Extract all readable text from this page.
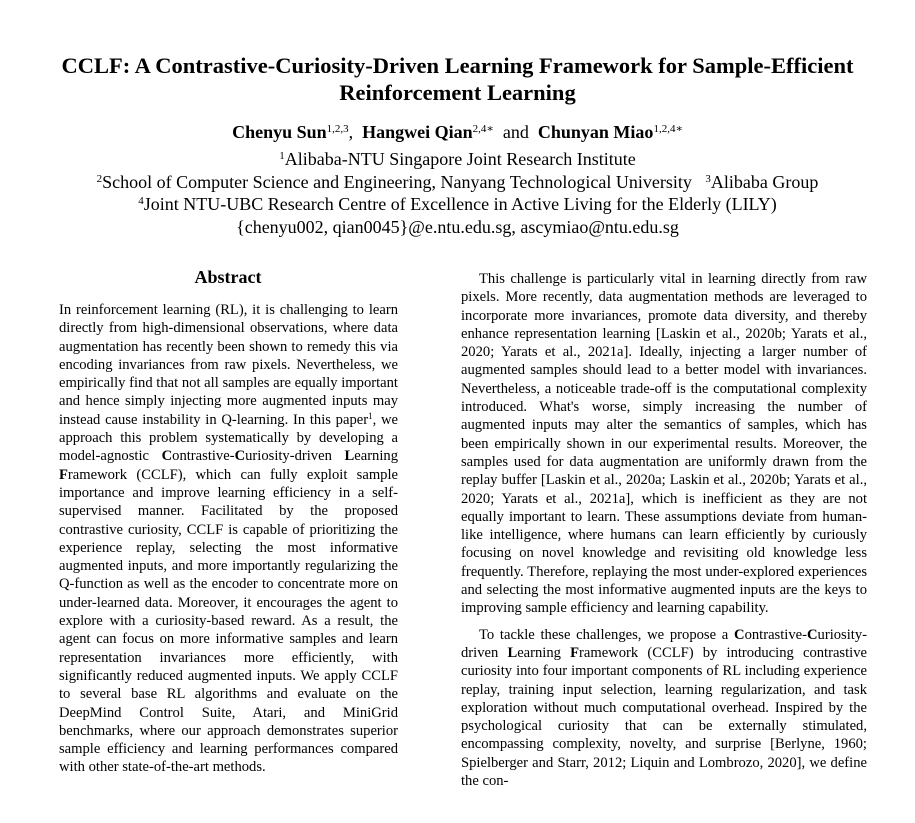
CCLF: A Contrastive-Curiosity-Driven Learning Framework for Sample-Efficient
Reinforcement Learning
Chenyu Sun$^{1,2,3}$, Hangwei Qian$^{2,4∗}$ and Chunyan Miao$^{1,2,4∗}$
$^1$Alibaba-NTU Singapore Joint Research Institute
$^2$School of Computer Science and Engineering, Nanyang Technological University $^3$Alibaba Group
$^4$Joint NTU-UBC Research Centre of Excellence in Active Living for the Elderly (LILY)
{chenyu002, qian0045}@e.ntu.edu.sg, ascymiao@ntu.edu.sg
Abstract

In reinforcement learning (RL), it is challenging to learn directly from high-dimensional observations, where data augmentation has recently been shown to remedy this via encoding invariances from raw pixels. Nevertheless, we empirically find that not all samples are equally important and hence simply injecting more augmented inputs may instead cause instability in Q-learning. In this paper$^1$, we approach this problem systematically by developing a model-agnostic Contrastive-Curiosity-driven Learning Framework (CCLF), which can fully exploit sample importance and improve learning efficiency in a self-supervised manner. Facilitated by the proposed contrastive curiosity, CCLF is capable of prioritizing the experience replay, selecting the most informative augmented inputs, and more importantly regularizing the Q-function as well as the encoder to concentrate more on under-learned data. Moreover, it encourages the agent to explore with a curiosity-based reward. As a result, the agent can focus on more informative samples and learn representation invariances more efficiently, with significantly reduced augmented inputs. We apply CCLF to several base RL algorithms and evaluate on the DeepMind Control Suite, Atari, and MiniGrid benchmarks, where our approach demonstrates superior sample efficiency and learning performances compared with other state-of-the-art methods.

This challenge is particularly vital in learning directly from raw pixels. More recently, data augmentation methods are leveraged to incorporate more invariances, promote data diversity, and thereby enhance representation learning [Laskin et al., 2020b; Yarats et al., 2020; Yarats et al., 2021a]. Ideally, injecting a larger number of augmented samples should lead to a better model with invariances. Nevertheless, a noticeable trade-off is the computational complexity introduced. What's worse, simply increasing the number of augmented inputs may alter the semantics of samples, which has been empirically shown in our experimental results. Moreover, the samples used for data augmentation are uniformly drawn from the replay buffer [Laskin et al., 2020a; Laskin et al., 2020b; Yarats et al., 2020; Yarats et al., 2021a], which is inefficient as they are not equally important to learn. These assumptions deviate from human-like intelligence, where humans can learn efficiently by curiously focusing on novel knowledge and revisiting old knowledge less frequently. Therefore, replaying the most under-explored experiences and selecting the most informative augmented inputs are the keys to improving sample efficiency and learning capability.

To tackle these challenges, we propose a Contrastive-Curiosity-driven Learning Framework (CCLF) by introducing contrastive curiosity into four important components of RL including experience replay, training input selection, learning regularization, and task exploration without much computational overhead. Inspired by the psychological curiosity that can be externally stimulated, encompassing complexity, novelty, and surprise [Berlyne, 1960; Spielberger and Starr, 2012; Liquin and Lombrozo, 2020], we define the con-
